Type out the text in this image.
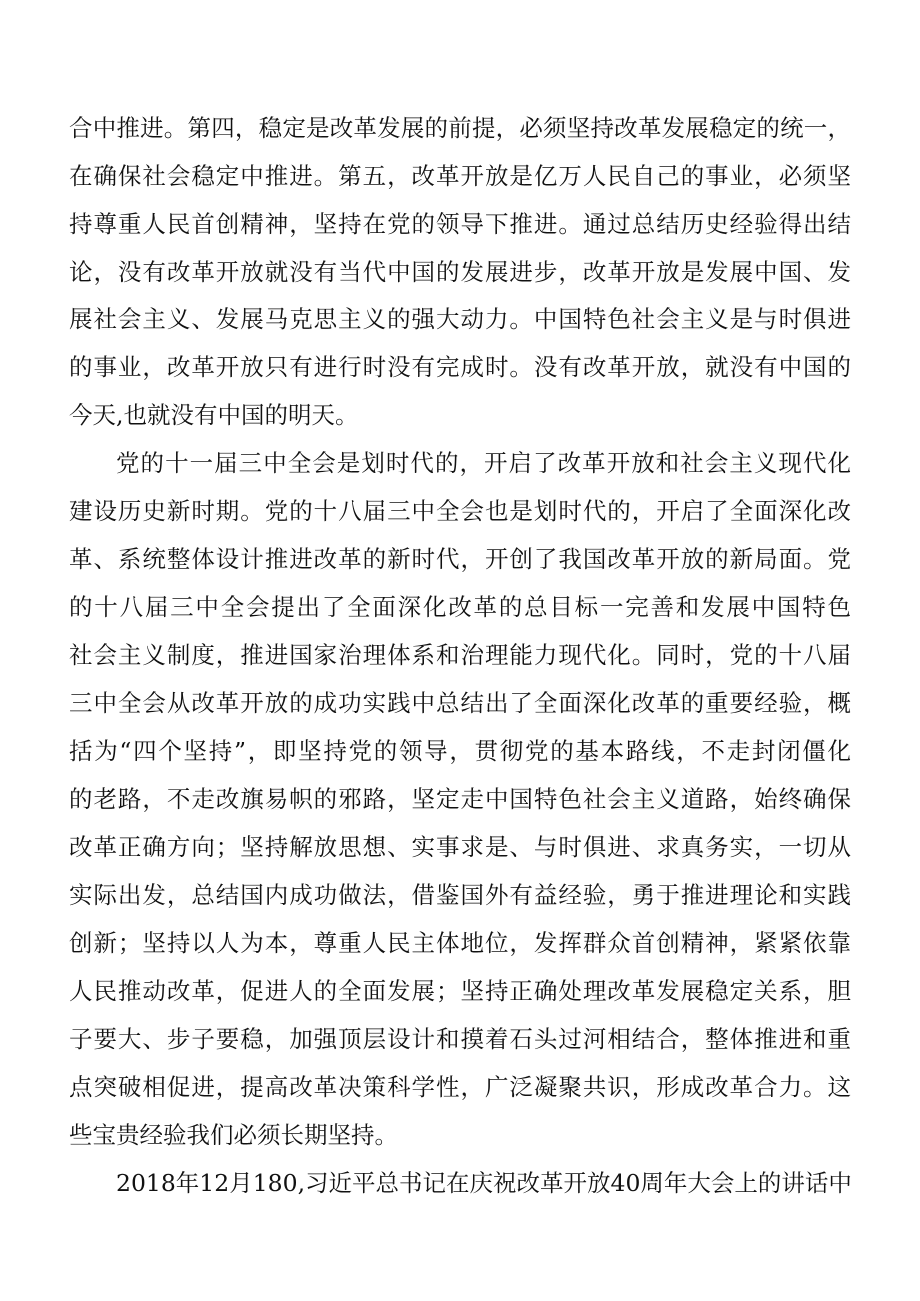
合中推进。第四，稳定是改革发展的前提，必须坚持改革发展稳定的统一，
在确保社会稳定中推进。第五，改革开放是亿万人民自己的事业，必须坚
持尊重人民首创精神，坚持在党的领导下推进。通过总结历史经验得出结
论，没有改革开放就没有当代中国的发展进步，改革开放是发展中国、发
展社会主义、发展马克思主义的强大动力。中国特色社会主义是与时俱进
的事业，改革开放只有进行时没有完成时。没有改革开放，就没有中国的
今天,也就没有中国的明天。
党的十一届三中全会是划时代的，开启了改革开放和社会主义现代化
建设历史新时期。党的十八届三中全会也是划时代的，开启了全面深化改
革、系统整体设计推进改革的新时代，开创了我国改革开放的新局面。党
的十八届三中全会提出了全面深化改革的总目标一完善和发展中国特色
社会主义制度，推进国家治理体系和治理能力现代化。同时，党的十八届
三中全会从改革开放的成功实践中总结出了全面深化改革的重要经验，概
括为“四个坚持”，即坚持党的领导，贯彻党的基本路线，不走封闭僵化
的老路，不走改旗易帜的邪路，坚定走中国特色社会主义道路，始终确保
改革正确方向；坚持解放思想、实事求是、与时俱进、求真务实，一切从
实际出发，总结国内成功做法，借鉴国外有益经验，勇于推进理论和实践
创新；坚持以人为本，尊重人民主体地位，发挥群众首创精神，紧紧依靠
人民推动改革，促进人的全面发展；坚持正确处理改革发展稳定关系，胆
子要大、步子要稳，加强顶层设计和摸着石头过河相结合，整体推进和重
点突破相促进，提高改革决策科学性，广泛凝聚共识，形成改革合力。这
些宝贵经验我们必须长期坚持。
2018年12月180,习近平总书记在庆祝改革开放40周年大会上的讲话中
